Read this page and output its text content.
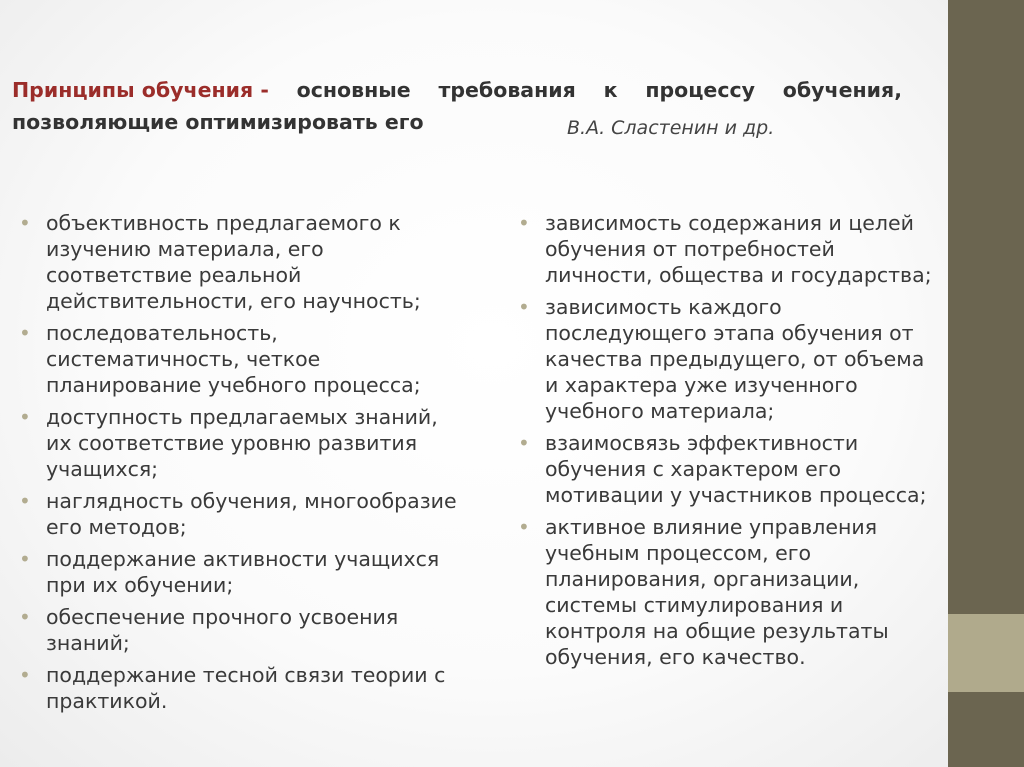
Принципы обучения - основные требования к процессу обучения,
позволяющие оптимизировать его	В.А. Сластенин и др.
• объективность предлагаемого к изучению материала, его соответствие реальной действительности, его научность;
• последовательность, систематичность, четкое планирование учебного процесса;
• доступность предлагаемых знаний, их соответствие уровню развития учащихся;
• наглядность обучения, многообразие его методов;
• поддержание активности учащихся при их обучении;
• обеспечение прочного усвоения знаний;
• поддержание тесной связи теории с практикой.
• зависимость содержания и целей обучения от потребностей личности, общества и государства;
• зависимость каждого последующего этапа обучения от качества предыдущего, от объема и характера уже изученного учебного материала;
• взаимосвязь эффективности обучения с характером его мотивации у участников процесса;
• активное влияние управления учебным процессом, его планирования, организации, системы стимулирования и контроля на общие результаты обучения, его качество.
